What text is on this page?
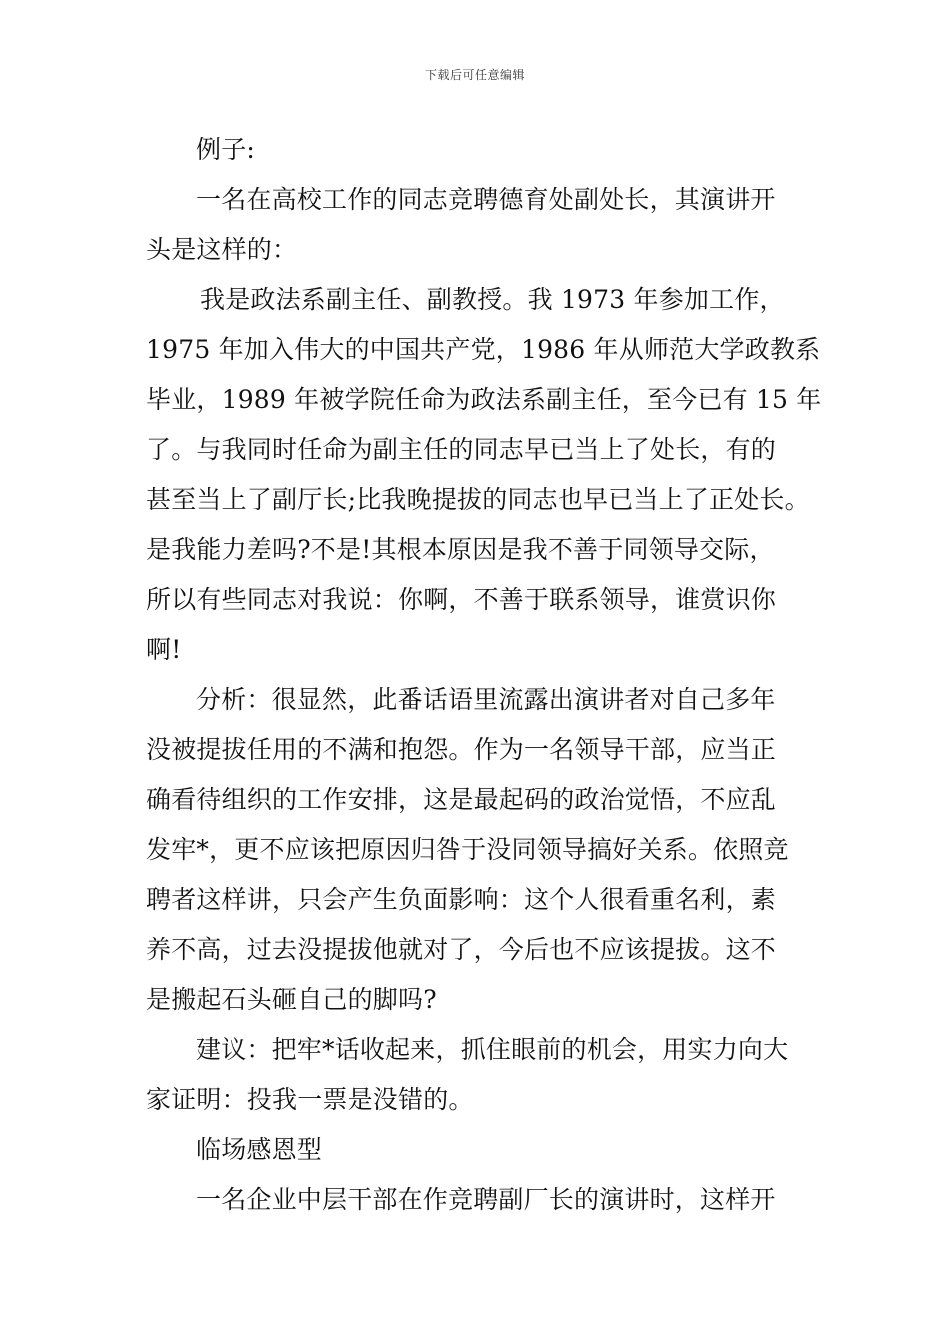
下载后可任意编辑
例子:
一名在高校工作的同志竞聘德育处副处长，其演讲开
头是这样的：
我是政法系副主任、副教授。我 1973 年参加工作，
1975 年加入伟大的中国共产党，1986 年从师范大学政教系
毕业，1989 年被学院任命为政法系副主任，至今已有 15 年
了。与我同时任命为副主任的同志早已当上了处长，有的
甚至当上了副厅长;比我晚提拔的同志也早已当上了正处长。
是我能力差吗?不是!其根本原因是我不善于同领导交际，
所以有些同志对我说：你啊，不善于联系领导，谁赏识你
啊!
分析：很显然，此番话语里流露出演讲者对自己多年
没被提拔任用的不满和抱怨。作为一名领导干部，应当正
确看待组织的工作安排，这是最起码的政治觉悟，不应乱
发牢*，更不应该把原因归咎于没同领导搞好关系。依照竞
聘者这样讲，只会产生负面影响：这个人很看重名利，素
养不高，过去没提拔他就对了，今后也不应该提拔。这不
是搬起石头砸自己的脚吗?
建议：把牢*话收起来，抓住眼前的机会，用实力向大
家证明：投我一票是没错的。
临场感恩型
一名企业中层干部在作竞聘副厂长的演讲时，这样开
